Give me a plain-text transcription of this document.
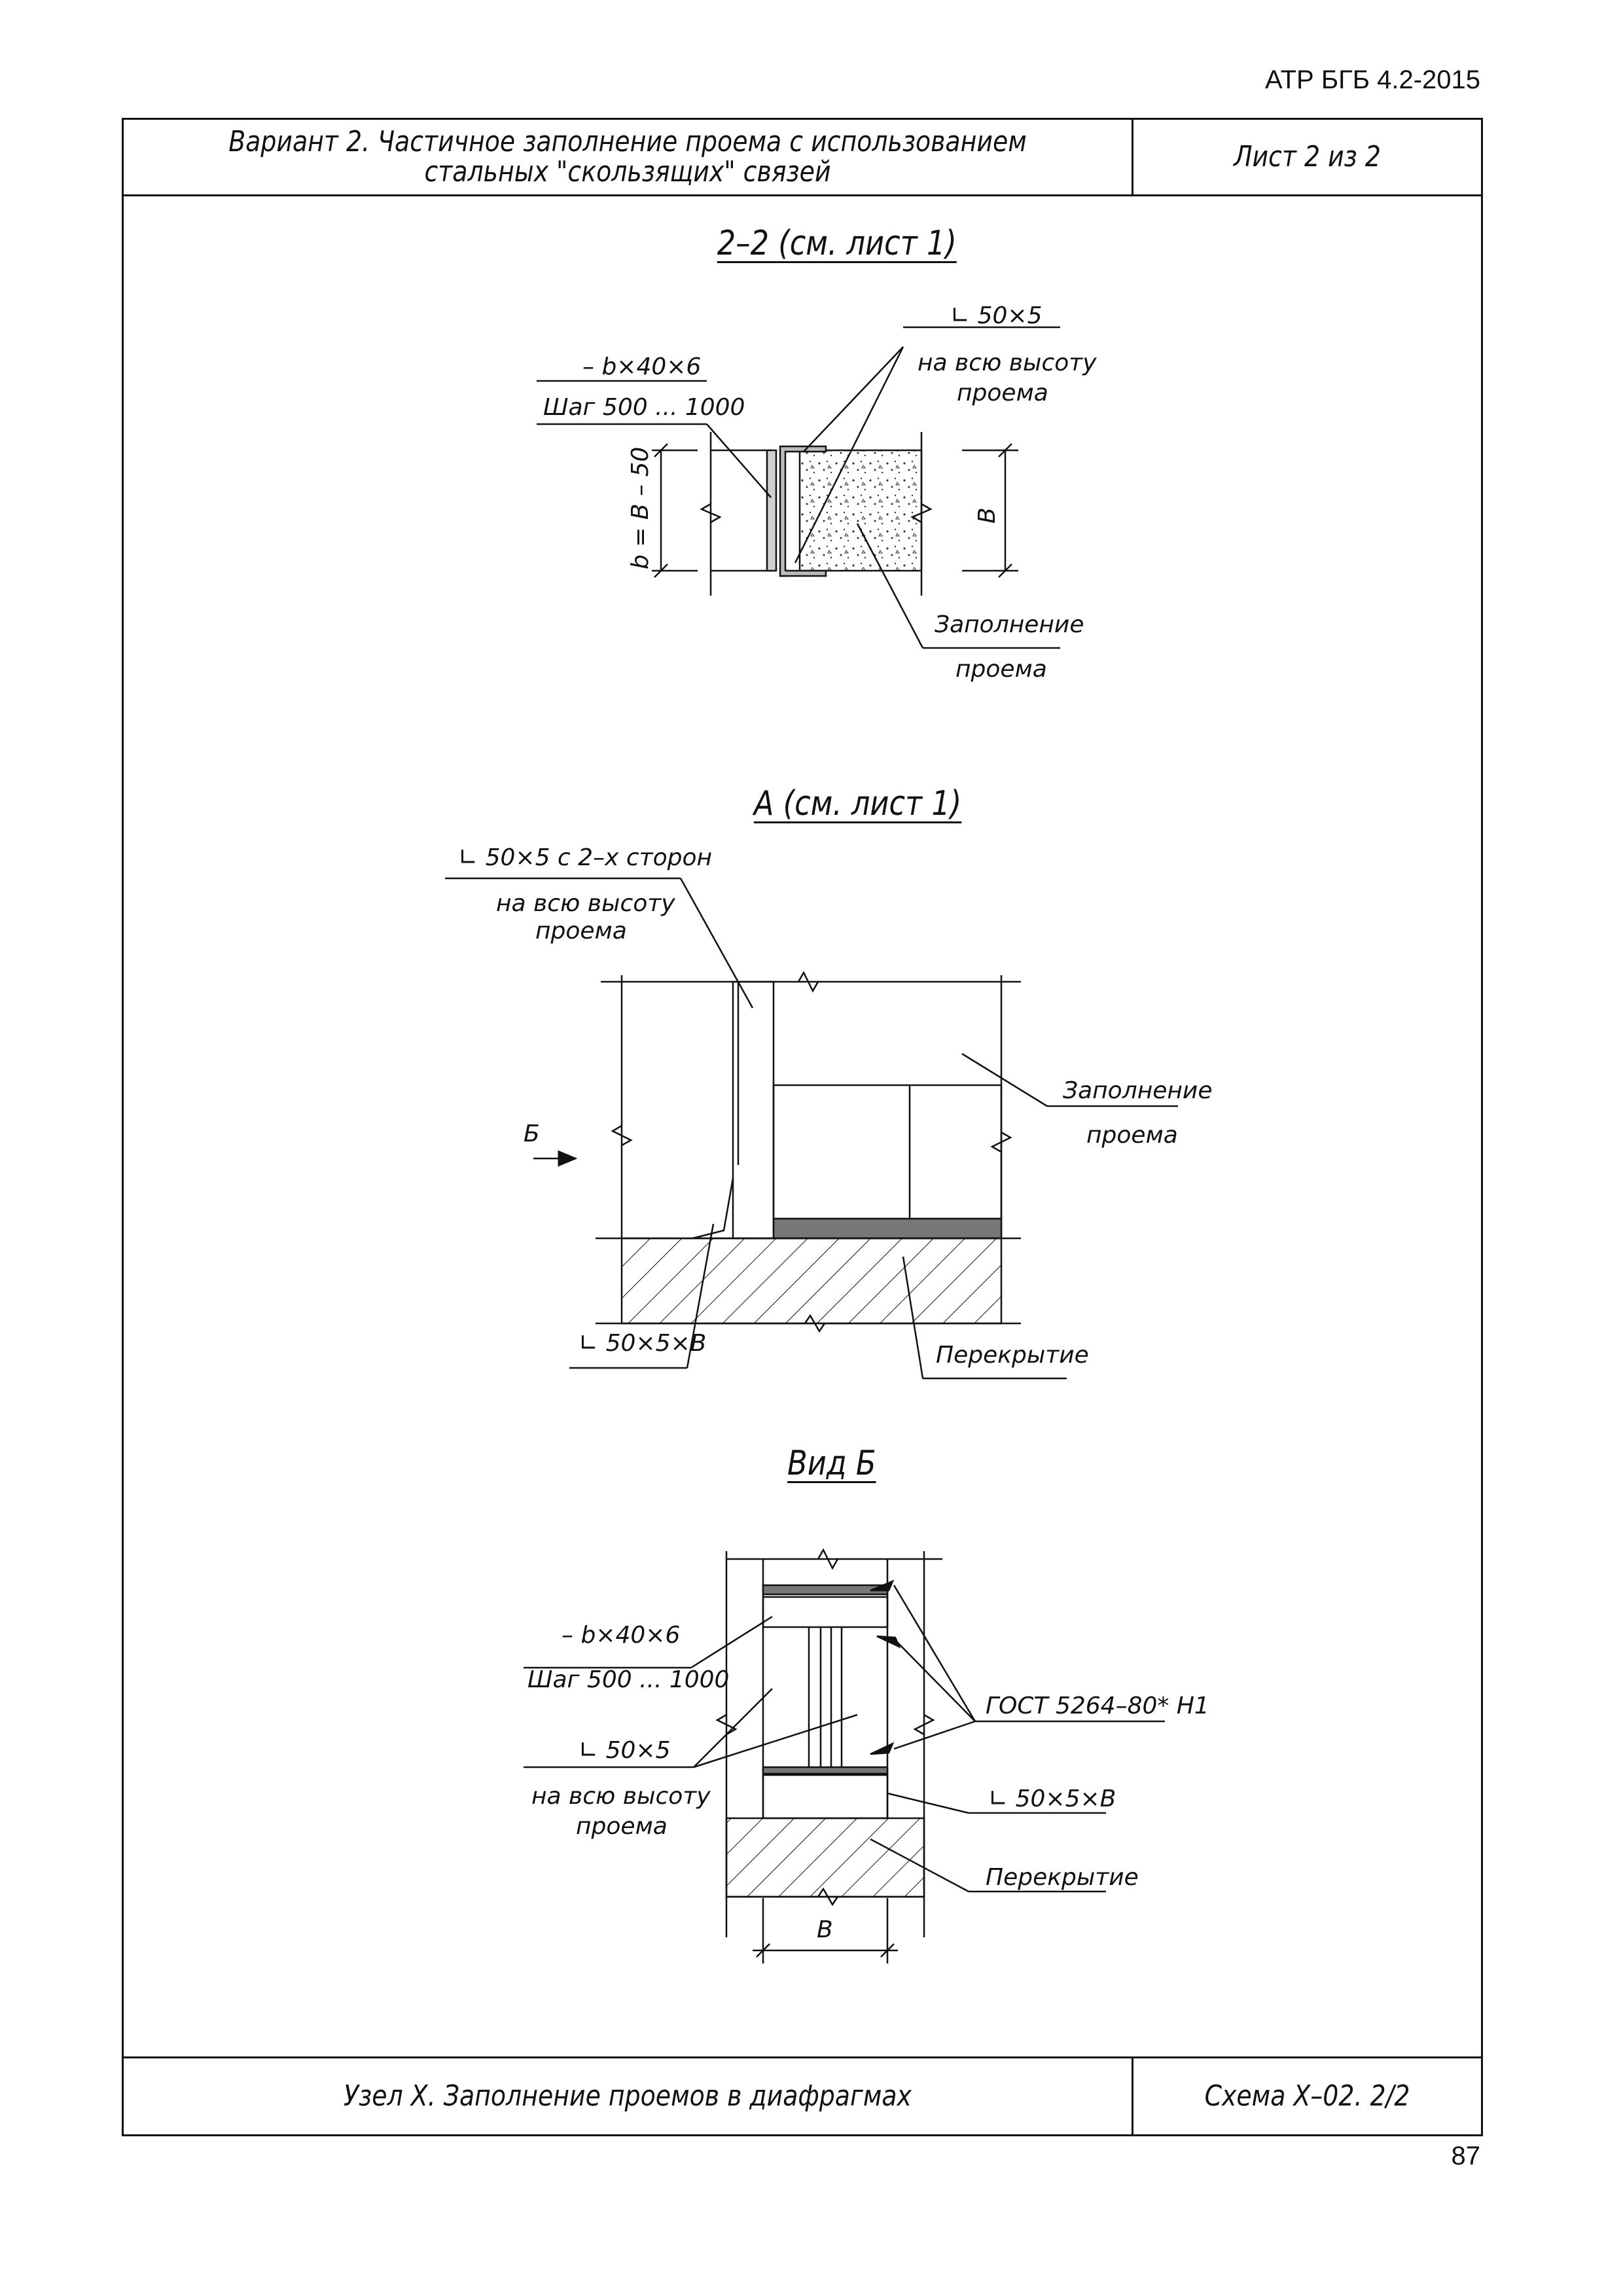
АТР БГБ 4.2-2015
Вариант 2. Частичное заполнение проема с использованием
стальных "скользящих" связей	Лист 2 из 2
Узел X. Заполнение проемов в диафрагмах	Схема X–02. 2/2
2–2 (см. лист 1)
А (см. лист 1)
Вид Б
∟ 50×5
на всю высоту
проема
– b×40×6
Шаг 500 ... 1000
b = B – 50	B
Заполнение
проема
∟ 50×5 с 2–х сторон
на всю высоту
проема
Заполнение
проема
Б
∟ 50×5×B	Перекрытие
– b×40×6
Шаг 500 ... 1000
∟ 50×5
на всю высоту
проема
ГОСТ 5264–80* Н1
∟ 50×5×B
Перекрытие
B
87
